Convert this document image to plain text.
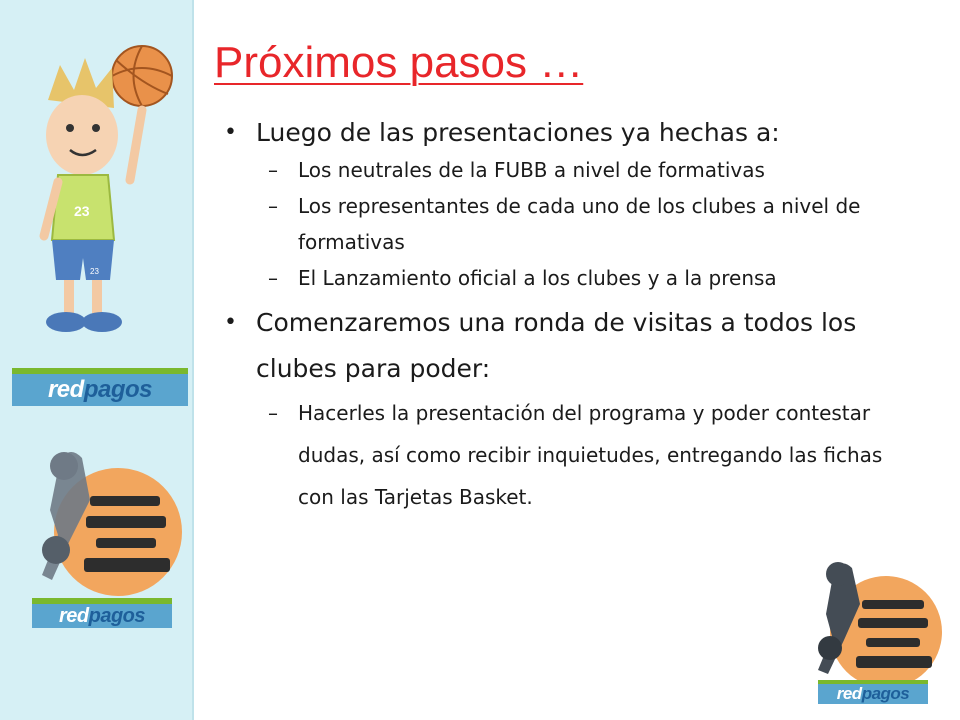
23
23
red pagos
red pagos
Próximos pasos …
• Luego de las presentaciones ya hechas a:
– Los neutrales de la FUBB a nivel de formativas
– Los representantes de cada uno de los clubes a nivel de formativas
– El Lanzamiento oficial a los clubes y a la prensa
• Comenzaremos una ronda de visitas a todos los clubes para poder:
– Hacerles la presentación del programa y poder contestar dudas, así como recibir inquietudes, entregando las fichas con las Tarjetas Basket.
red pagos
